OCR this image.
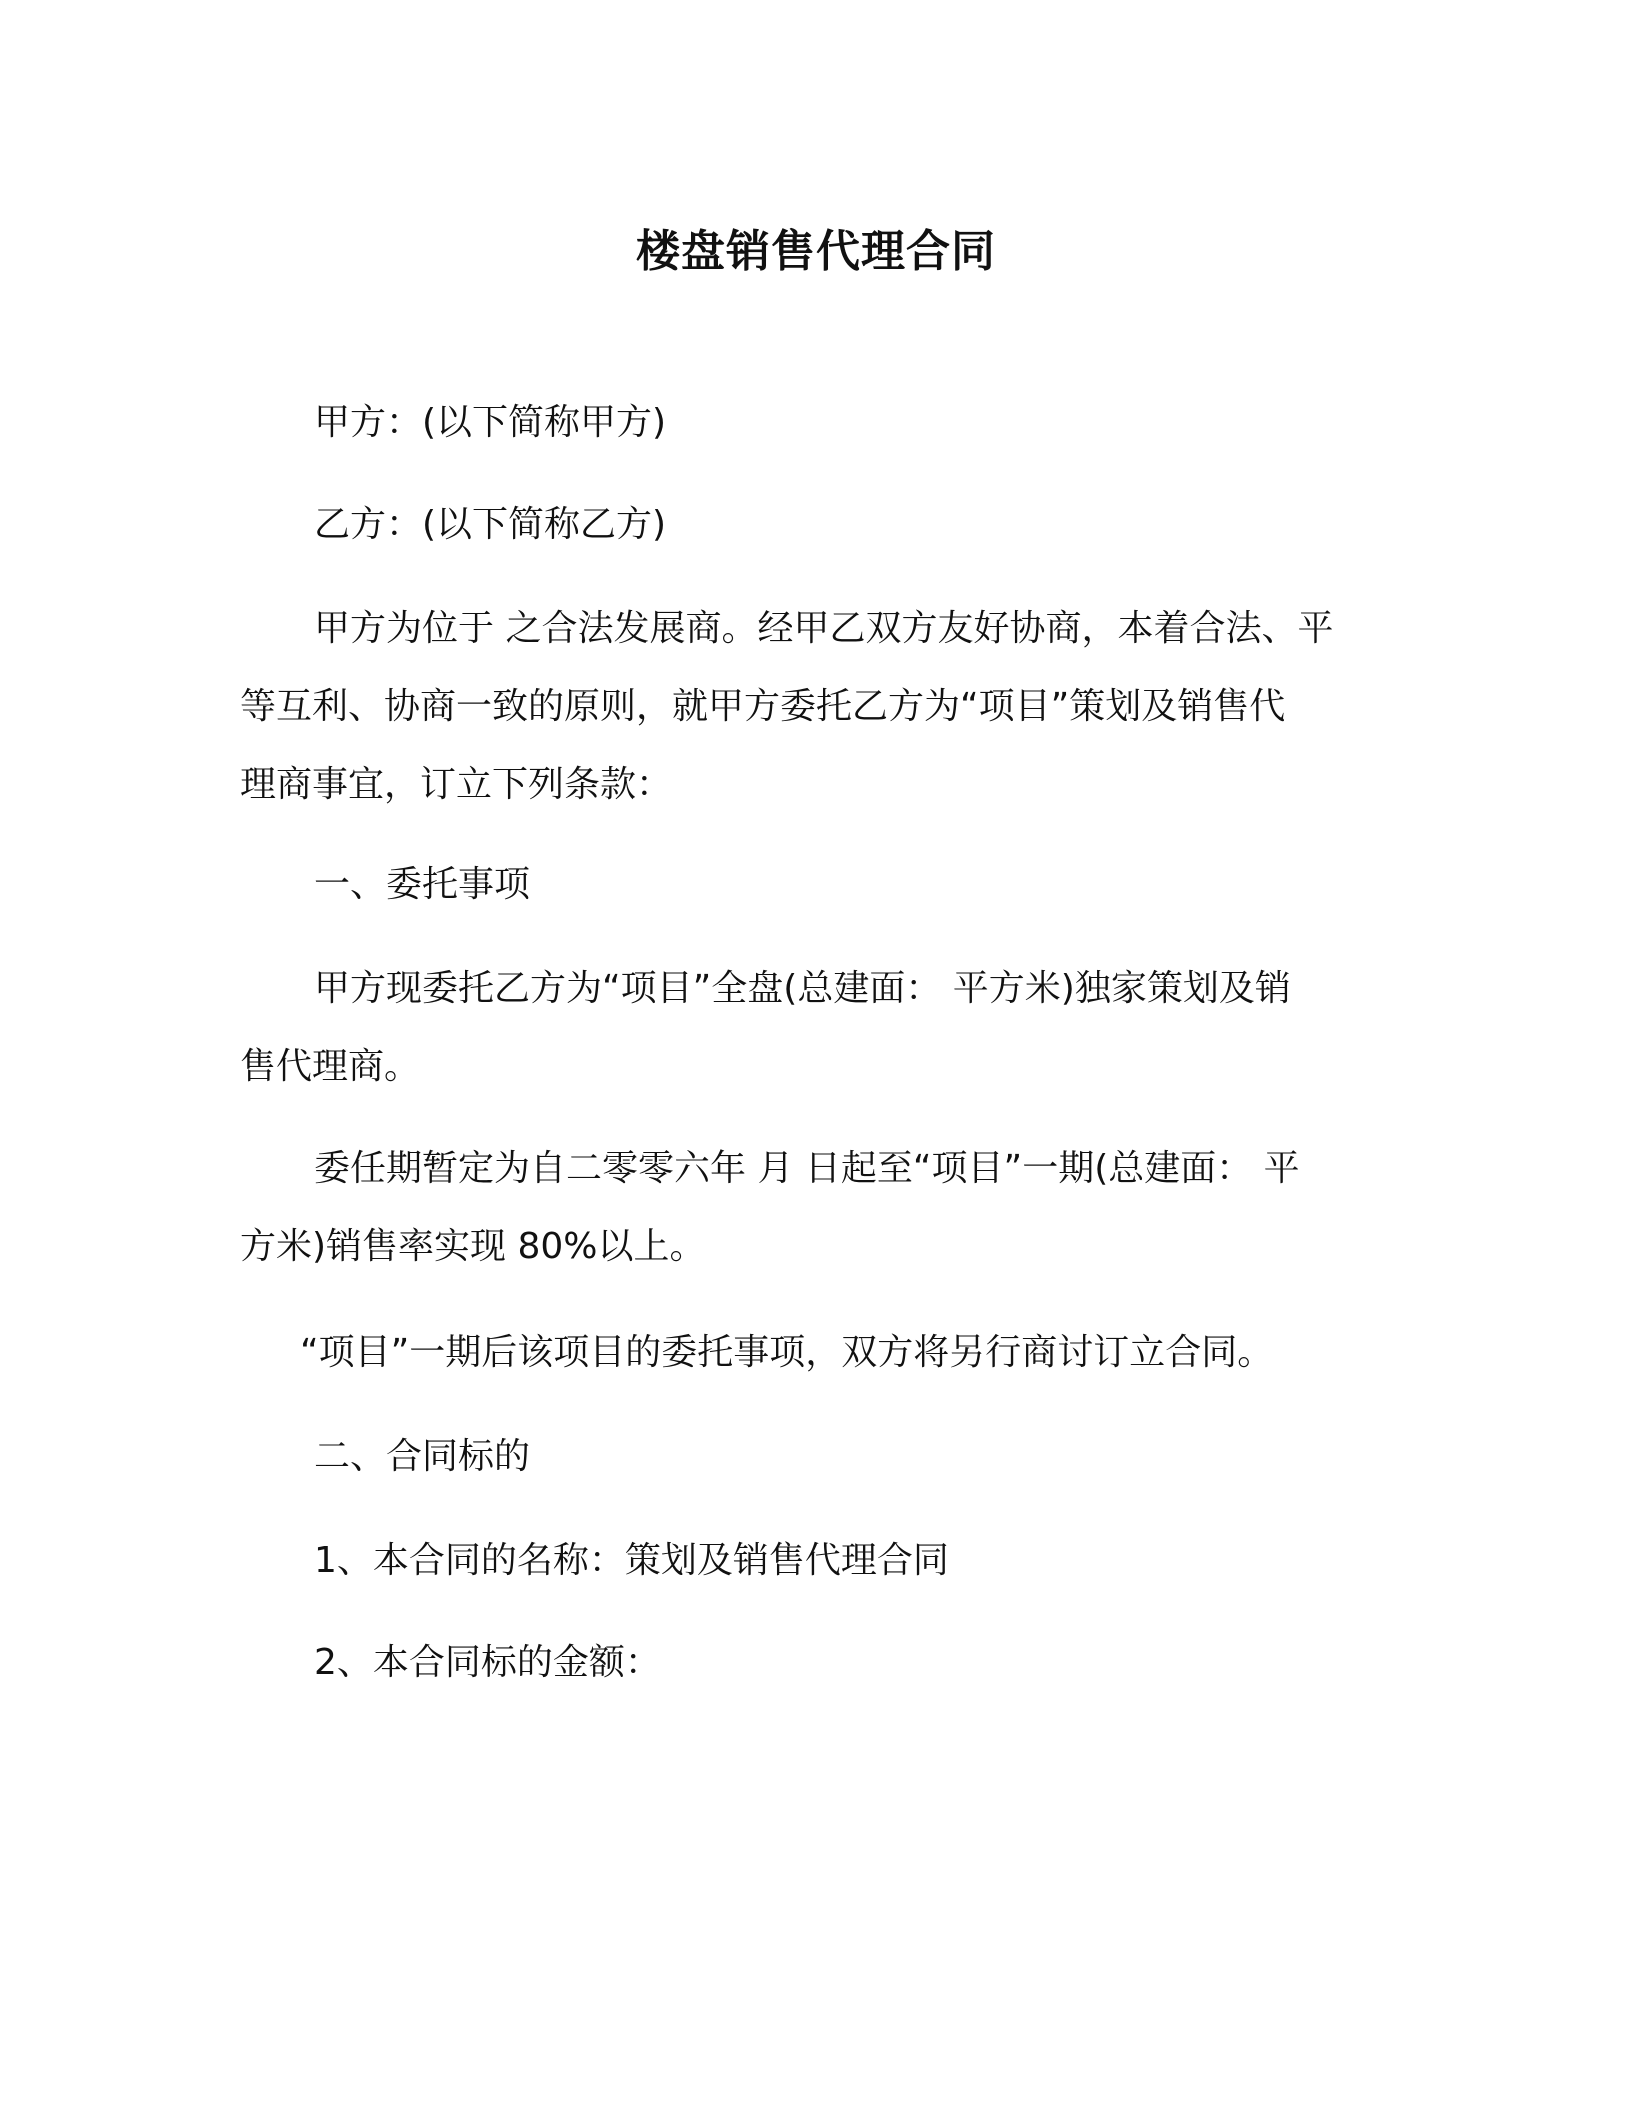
楼盘销售代理合同
甲方：(以下简称甲方)
乙方：(以下简称乙方)
甲方为位于 之合法发展商。经甲乙双方友好协商，本着合法、平
等互利、协商一致的原则，就甲方委托乙方为“项目”策划及销售代
理商事宜，订立下列条款：
一、委托事项
甲方现委托乙方为“项目”全盘(总建面： 平方米)独家策划及销
售代理商。
委任期暂定为自二零零六年 月 日起至“项目”一期(总建面： 平
方米)销售率实现 80%以上。
“项目”一期后该项目的委托事项，双方将另行商讨订立合同。
二、合同标的
1、本合同的名称：策划及销售代理合同
2、本合同标的金额：
